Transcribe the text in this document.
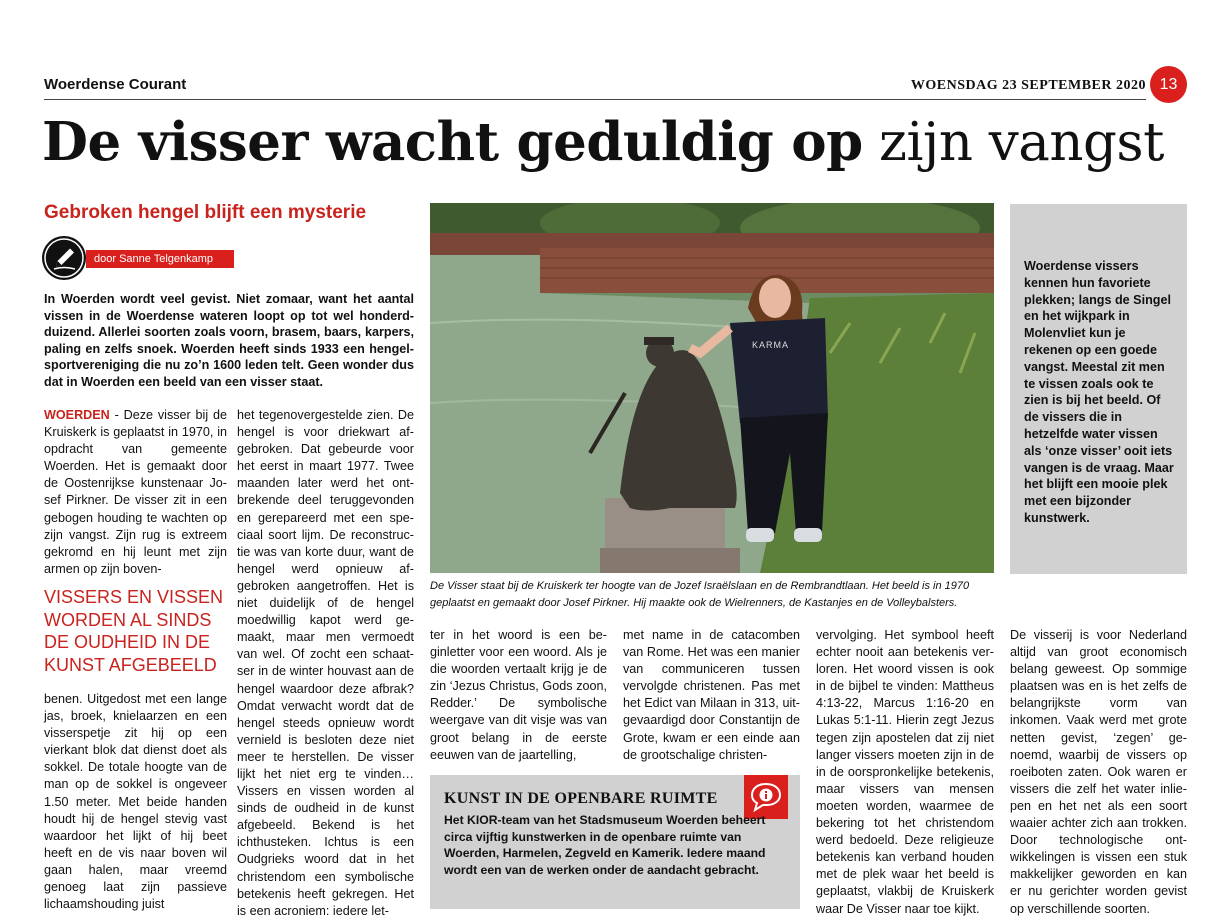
Woerdense Courant	WOENSDAG 23 SEPTEMBER 2020 13
De visser wacht geduldig op zijn vangst
Gebroken hengel blijft een mysterie
door Sanne Telgenkamp
In Woerden wordt veel gevist. Niet zomaar, want het aantal vissen in de Woerdense wateren loopt op tot wel honderdduizend. Allerlei soorten zoals voorn, brasem, baars, karpers, paling en zelfs snoek. Woerden heeft sinds 1933 een hengelsportvereniging die nu zo’n 1600 leden telt. Geen wonder dus dat in Woerden een beeld van een visser staat.

WOERDEN - Deze visser bij de Kruiskerk is geplaatst in 1970, in opdracht van gemeente Woerden. Het is gemaakt door de Oostenrijkse kunstenaar Josef Pirkner. De visser zit in een gebogen houding te wachten op zijn vangst. Zijn rug is extreem gekromd en hij leunt met zijn armen op zijn boven-

VISSERS EN VISSEN WORDEN AL SINDS DE OUDHEID IN DE KUNST AFGEBEELD
benen. Uitgedost met een lange jas, broek, knielaarzen en een visserspetje zit hij op een vierkant blok dat dienst doet als sokkel. De totale hoogte van de man op de sokkel is ongeveer 1.50 meter. Met beide handen houdt hij de hengel stevig vast waardoor het lijkt of hij beet heeft en de vis naar boven wil gaan halen, maar vreemd genoeg laat zijn passieve lichaamshouding juist
het tegenovergestelde zien. De hengel is voor driekwart afgebroken. Dat gebeurde voor het eerst in maart 1977. Twee maanden later werd het ontbrekende deel teruggevonden en gerepareerd met een speciaal soort lijm. De reconstructie was van korte duur, want de hengel werd opnieuw afgebroken aangetroffen. Het is niet duidelijk of de hengel moedwillig kapot werd gemaakt, maar men vermoedt van wel. Of zocht een schaatser in de winter houvast aan de hengel waardoor deze afbrak? Omdat verwacht wordt dat de hengel steeds opnieuw wordt vernield is besloten deze niet meer te herstellen. De visser lijkt het niet erg te vinden… Vissers en vissen worden al sinds de oudheid in de kunst afgebeeld. Bekend is het ichthusteken. Ichtus is een Oudgrieks woord dat in het christendom een symbolische betekenis heeft gekregen. Het is een acroniem: iedere let-
KARMA
De Visser staat bij de Kruiskerk ter hoogte van de Jozef Israëlslaan en de Rembrandtlaan. Het beeld is in 1970 geplaatst en gemaakt door Josef Pirkner. Hij maakte ook de Wielrenners, de Kastanjes en de Volleybalsters.
Woerdense vissers kennen hun favoriete plekken; langs de Singel en het wijkpark in Molenvliet kun je rekenen op een goede vangst. Meestal zit men te vissen zoals ook te zien is bij het beeld. Of de vissers die in hetzelfde water vissen als ‘onze visser’ ooit iets vangen is de vraag. Maar het blijft een mooie plek met een bijzonder kunstwerk.
ter in het woord is een beginletter voor een woord. Als je die woorden vertaalt krijg je de zin ‘Jezus Christus, Gods zoon, Redder.’ De symbolische weergave van dit visje was van groot belang in de eerste eeuwen van de jaartelling,
met name in de catacomben van Rome. Het was een manier van communiceren tussen vervolgde christenen. Pas met het Edict van Milaan in 313, uitgevaardigd door Constantijn de Grote, kwam er een einde aan de grootschalige christen-
vervolging. Het symbool heeft echter nooit aan betekenis verloren. Het woord vissen is ook in de bijbel te vinden: Mattheus 4:13-22, Marcus 1:16-20 en Lukas 5:1-11. Hierin zegt Jezus tegen zijn apostelen dat zij niet langer vissers moeten zijn in de in de oorspronkelijke betekenis, maar vissers van mensen moeten worden, waarmee de bekering tot het christendom werd bedoeld. Deze religieuze betekenis kan verband houden met de plek waar het beeld is geplaatst, vlakbij de Kruiskerk waar De Visser naar toe kijkt.
De visserij is voor Nederland altijd van groot economisch belang geweest. Op sommige plaatsen was en is het zelfs de belangrijkste vorm van inkomen. Vaak werd met grote netten gevist, ‘zegen’ genoemd, waarbij de vissers op roeiboten zaten. Ook waren er vissers die zelf het water inliepen en het net als een soort waaier achter zich aan trokken. Door technologische ontwikkelingen is vissen een stuk makkelijker geworden en kan er nu gerichter worden gevist op verschillende soorten.
KUNST IN DE OPENBARE RUIMTE
Het KIOR-team van het Stadsmuseum Woerden beheert circa vijftig kunstwerken in de openbare ruimte van Woerden, Harmelen, Zegveld en Kamerik. Iedere maand wordt een van de werken onder de aandacht gebracht.
